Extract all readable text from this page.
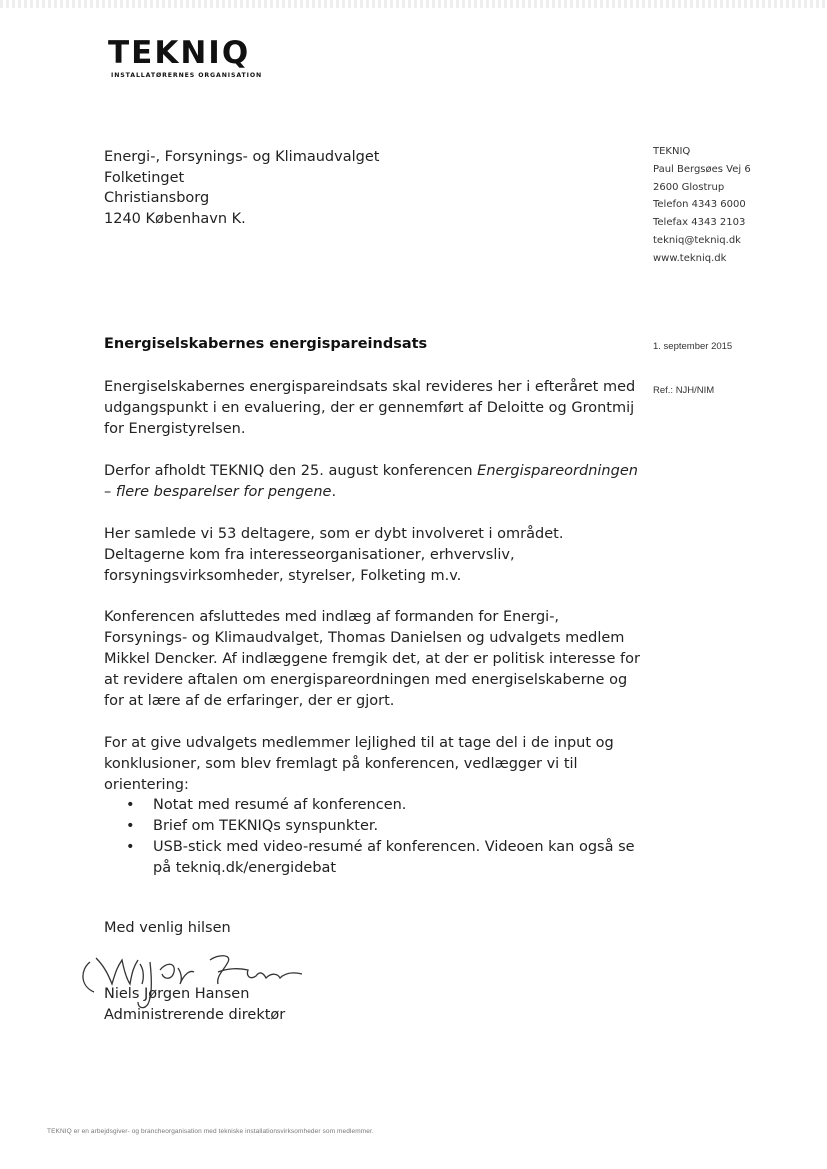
TEKNIQ
INSTALLATØRERNES ORGANISATION
Energi-, Forsynings- og Klimaudvalget
Folketinget
Christiansborg
1240 København K.
TEKNIQ
Paul Bergsøes Vej 6
2600 Glostrup
Telefon 4343 6000
Telefax 4343 2103
tekniq@tekniq.dk
www.tekniq.dk
Energiselskabernes energispareindsats	1. september 2015
Ref.: NJH/NIM

Energiselskabernes energispareindsats skal revideres her i efteråret med udgangspunkt i en evaluering, der er gennemført af Deloitte og Grontmij for Energistyrelsen.

Derfor afholdt TEKNIQ den 25. august konferencen Energispareordningen – flere besparelser for pengene.

Her samlede vi 53 deltagere, som er dybt involveret i området. Deltagerne kom fra interesseorganisationer, erhvervsliv, forsyningsvirksomheder, styrelser, Folketing m.v.

Konferencen afsluttedes med indlæg af formanden for Energi-, Forsynings- og Klimaudvalget, Thomas Danielsen og udvalgets medlem Mikkel Dencker. Af indlæggene fremgik det, at der er politisk interesse for at revidere aftalen om energispareordningen med energiselskaberne og for at lære af de erfaringer, der er gjort.

For at give udvalgets medlemmer lejlighed til at tage del i de input og konklusioner, som blev fremlagt på konferencen, vedlægger vi til orientering:

• Notat med resumé af konferencen.
• Brief om TEKNIQs synspunkter.
• USB-stick med video-resumé af konferencen. Videoen kan også se på tekniq.dk/energidebat
Med venlig hilsen
Niels Jørgen Hansen
Administrerende direktør
TEKNIQ er en arbejdsgiver- og brancheorganisation med tekniske installationsvirksomheder som medlemmer.
